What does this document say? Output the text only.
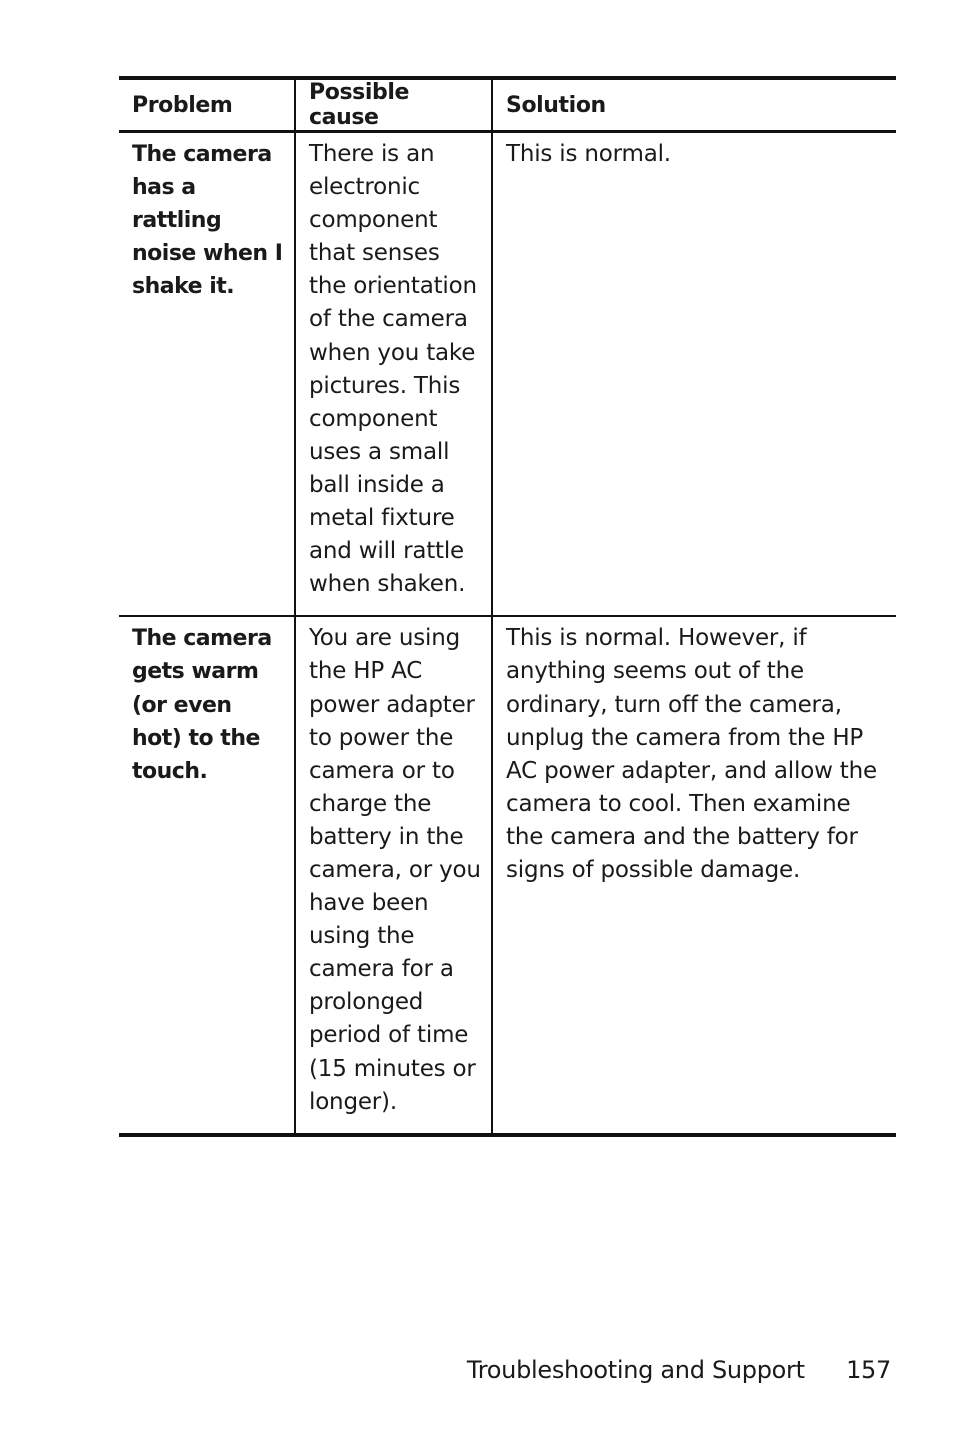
Problem	Possible cause	Solution
The camera has a rattling noise when I shake it.	There is an electronic component that senses the orientation of the camera when you take pictures. This component uses a small ball inside a metal fixture and will rattle when shaken.	This is normal.
The camera gets warm (or even hot) to the touch.	You are using the HP AC power adapter to power the camera or to charge the battery in the camera, or you have been using the camera for a prolonged period of time (15 minutes or longer).	This is normal. However, if anything seems out of the ordinary, turn off the camera, unplug the camera from the HP AC power adapter, and allow the camera to cool. Then examine the camera and the battery for signs of possible damage.
Troubleshooting and Support 157
